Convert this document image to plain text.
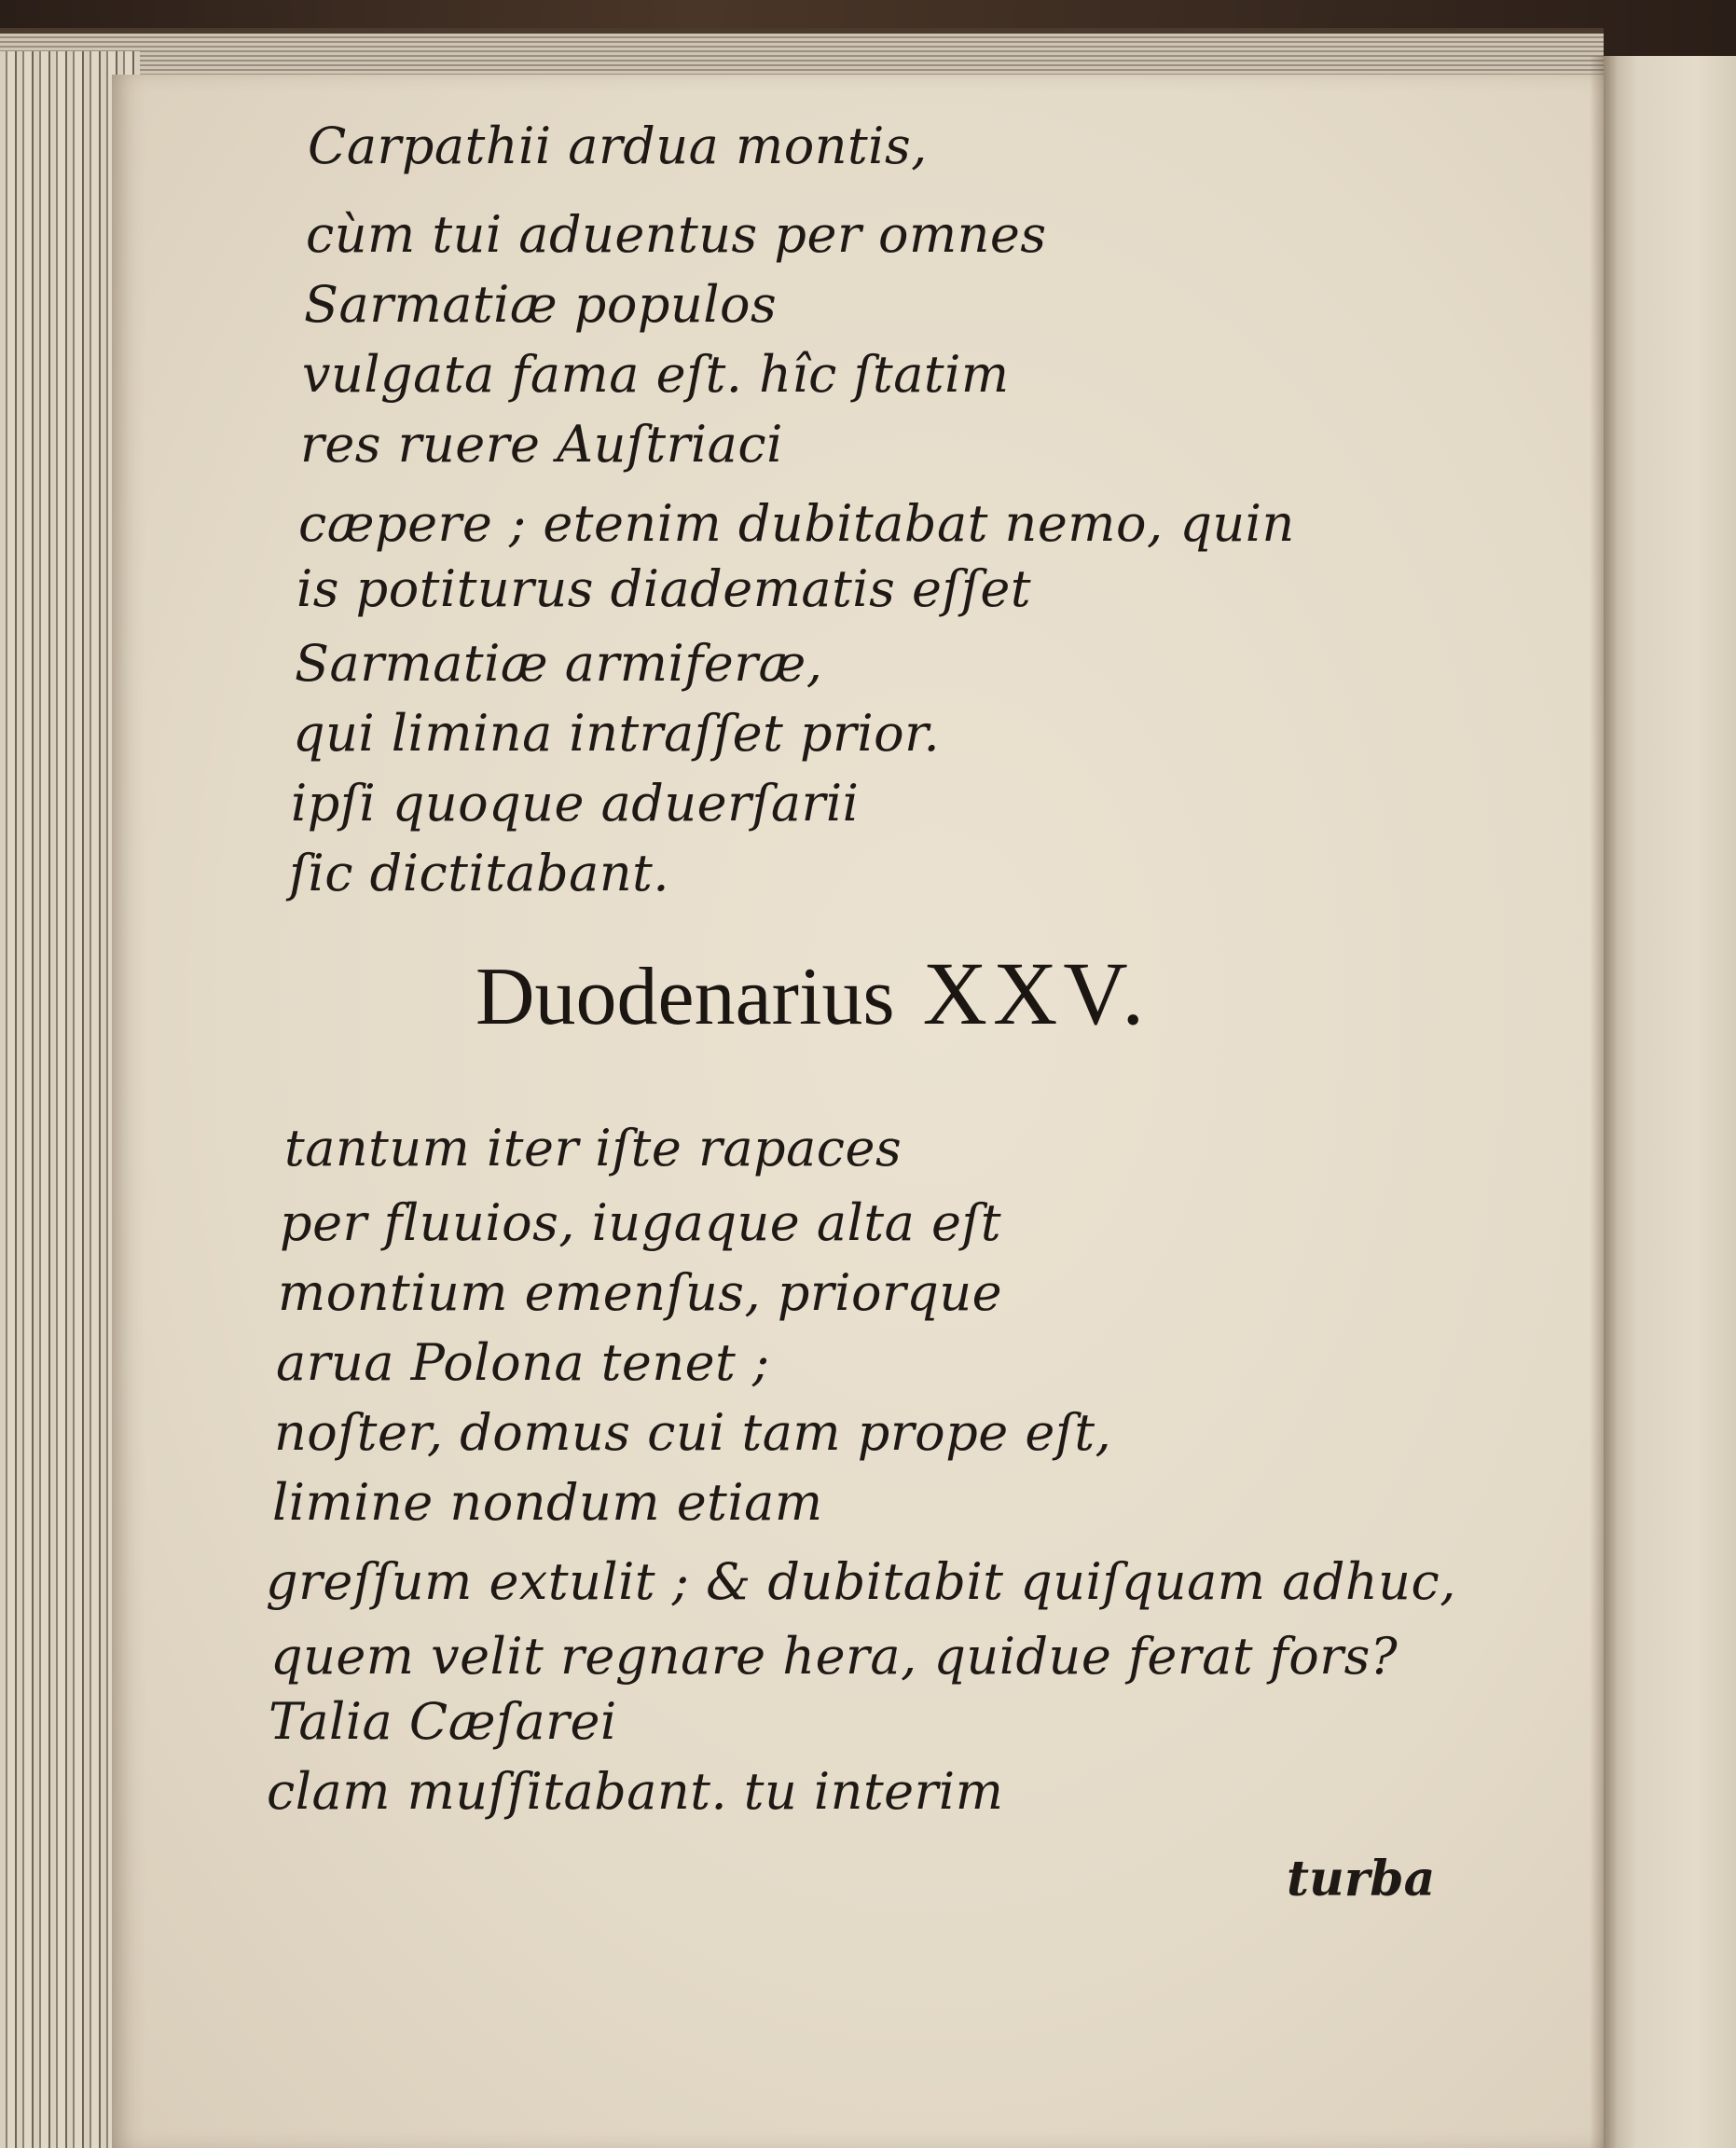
Carpathii ardua montis,

cùm tui aduentus per omnes

Sarmatiæ populos

vulgata fama eſt. hîc ſtatim

res ruere Auſtriaci

cæpere ; etenim dubitabat nemo, quin

is potiturus diadematis eſſet

Sarmatiæ armiferæ,

qui limina intraſſet prior.

ipſi quoque aduerſarii

ſic dictitabant.

Duodenarius XXV.

tantum iter iſte rapaces

per fluuios, iugaque alta eſt

montium emenſus, priorque

arua Polona tenet ;

noſter, domus cui tam prope eſt,

limine nondum etiam

greſſum extulit ; & dubitabit quiſquam adhuc,

quem velit regnare hera, quidue ferat fors?

Talia Cæſarei

clam muſſitabant. tu interim

turba
